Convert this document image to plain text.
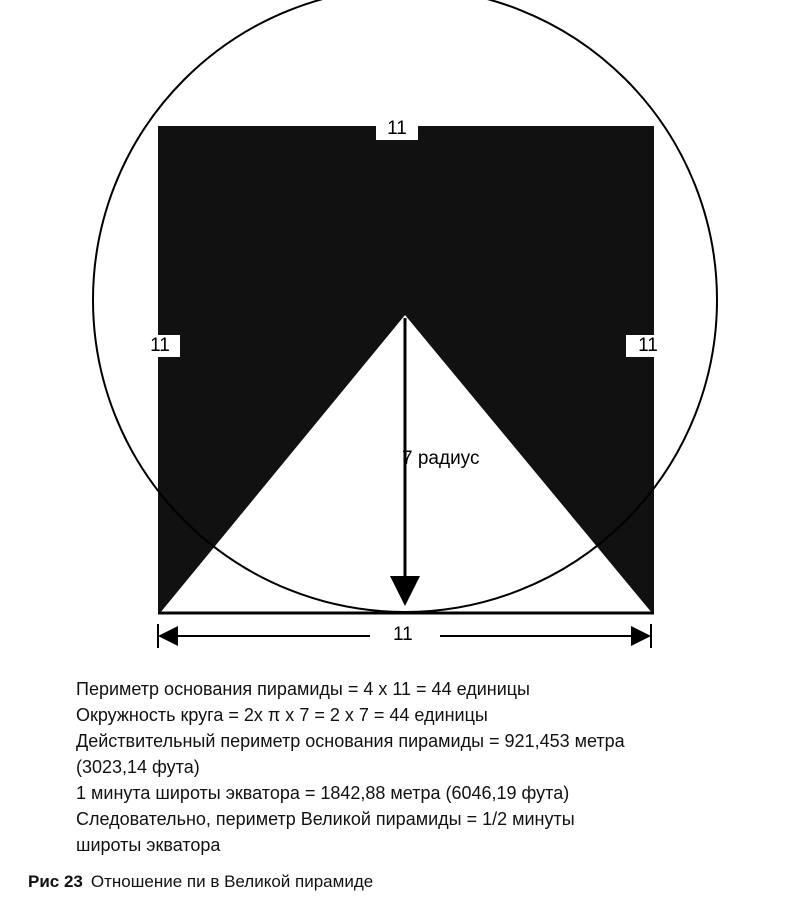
11
11	11
7 радиус
11
Периметр основания пирамиды = 4 x 11 = 44 единицы
Окружность круга = 2x π x 7 = 2 x 7 = 44 единицы
Действительный периметр основания пирамиды = 921,453 метра
(3023,14 фута)
1 минута широты экватора = 1842,88 метра (6046,19 фута)
Следовательно, периметр Великой пирамиды = 1/2 минуты
широты экватора
Рис 23 Отношение пи в Великой пирамиде
